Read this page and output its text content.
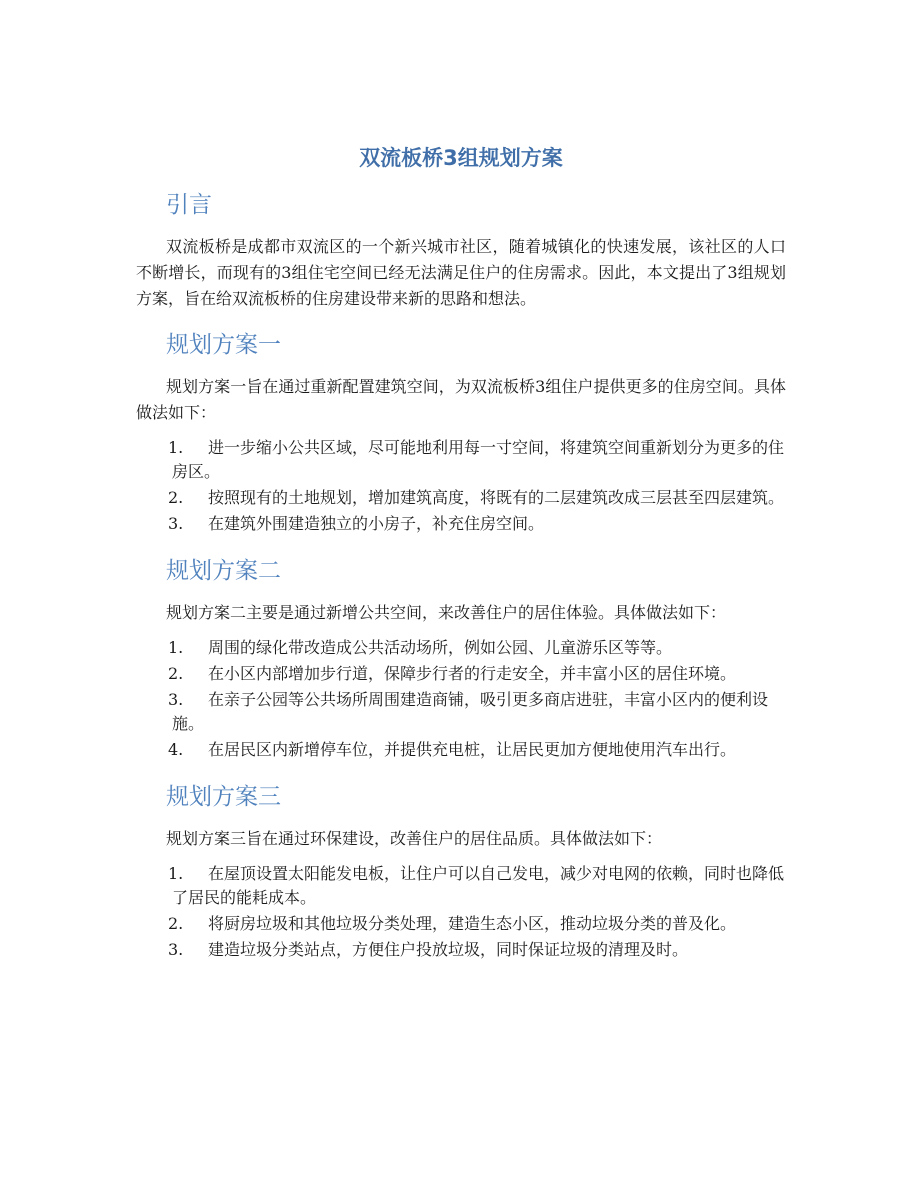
双流板桥3组规划方案
引言

双流板桥是成都市双流区的一个新兴城市社区，随着城镇化的快速发展，该社区的人口不断增长，而现有的3组住宅空间已经无法满足住户的住房需求。因此，本文提出了3组规划方案，旨在给双流板桥的住房建设带来新的思路和想法。

规划方案一

规划方案一旨在通过重新配置建筑空间，为双流板桥3组住户提供更多的住房空间。具体做法如下：

1. 进一步缩小公共区域，尽可能地利用每一寸空间，将建筑空间重新划分为更多的住房区。
2. 按照现有的土地规划，增加建筑高度，将既有的二层建筑改成三层甚至四层建筑。
3. 在建筑外围建造独立的小房子，补充住房空间。
规划方案二

规划方案二主要是通过新增公共空间，来改善住户的居住体验。具体做法如下：

1. 周围的绿化带改造成公共活动场所，例如公园、儿童游乐区等等。
2. 在小区内部增加步行道，保障步行者的行走安全，并丰富小区的居住环境。
3. 在亲子公园等公共场所周围建造商铺，吸引更多商店进驻，丰富小区内的便利设施。
4. 在居民区内新增停车位，并提供充电桩，让居民更加方便地使用汽车出行。
规划方案三

规划方案三旨在通过环保建设，改善住户的居住品质。具体做法如下：

1. 在屋顶设置太阳能发电板，让住户可以自己发电，减少对电网的依赖，同时也降低了居民的能耗成本。
2. 将厨房垃圾和其他垃圾分类处理，建造生态小区，推动垃圾分类的普及化。
3. 建造垃圾分类站点，方便住户投放垃圾，同时保证垃圾的清理及时。
